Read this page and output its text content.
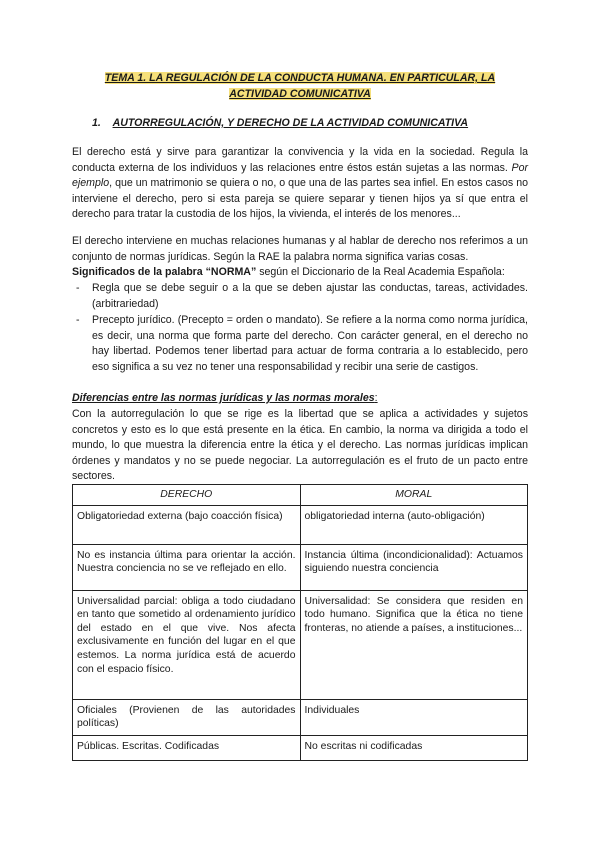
TEMA 1. LA REGULACIÓN DE LA CONDUCTA HUMANA. EN PARTICULAR, LA
ACTIVIDAD COMUNICATIVA
1. AUTORREGULACIÓN, Y DERECHO DE LA ACTIVIDAD COMUNICATIVA

El derecho está y sirve para garantizar la convivencia y la vida en la sociedad. Regula la conducta externa de los individuos y las relaciones entre éstos están sujetas a las normas. Por ejemplo, que un matrimonio se quiera o no, o que una de las partes sea infiel. En estos casos no interviene el derecho, pero si esta pareja se quiere separar y tienen hijos ya sí que entra el derecho para tratar la custodia de los hijos, la vivienda, el interés de los menores...

El derecho interviene en muchas relaciones humanas y al hablar de derecho nos referimos a un conjunto de normas jurídicas. Según la RAE la palabra norma significa varias cosas.

Significados de la palabra “NORMA” según el Diccionario de la Real Academia Española:
- Regla que se debe seguir o a la que se deben ajustar las conductas, tareas, actividades. (arbitrariedad)
- Precepto jurídico. (Precepto = orden o mandato). Se refiere a la norma como norma jurídica, es decir, una norma que forma parte del derecho. Con carácter general, en el derecho no hay libertad. Podemos tener libertad para actuar de forma contraria a lo establecido, pero eso significa a su vez no tener una responsabilidad y recibir una serie de castigos.
Diferencias entre las normas jurídicas y las normas morales:

Con la autorregulación lo que se rige es la libertad que se aplica a actividades y sujetos concretos y esto es lo que está presente en la ética. En cambio, la norma va dirigida a todo el mundo, lo que muestra la diferencia entre la ética y el derecho. Las normas jurídicas implican órdenes y mandatos y no se puede negociar. La autorregulación es el fruto de un pacto entre sectores.

DERECHO	MORAL
Obligatoriedad externa (bajo coacción física)	obligatoriedad interna (auto-obligación)
No es instancia última para orientar la acción. Nuestra conciencia no se ve reflejado en ello.	Instancia última (incondicionalidad): Actuamos siguiendo nuestra conciencia
Universalidad parcial: obliga a todo ciudadano en tanto que sometido al ordenamiento jurídico del estado en el que vive. Nos afecta exclusivamente en función del lugar en el que estemos. La norma jurídica está de acuerdo con el espacio físico.	Universalidad: Se considera que residen en todo humano. Significa que la ética no tiene fronteras, no atiende a países, a instituciones...
Oficiales (Provienen de las autoridades políticas)	Individuales
Públicas. Escritas. Codificadas	No escritas ni codificadas
